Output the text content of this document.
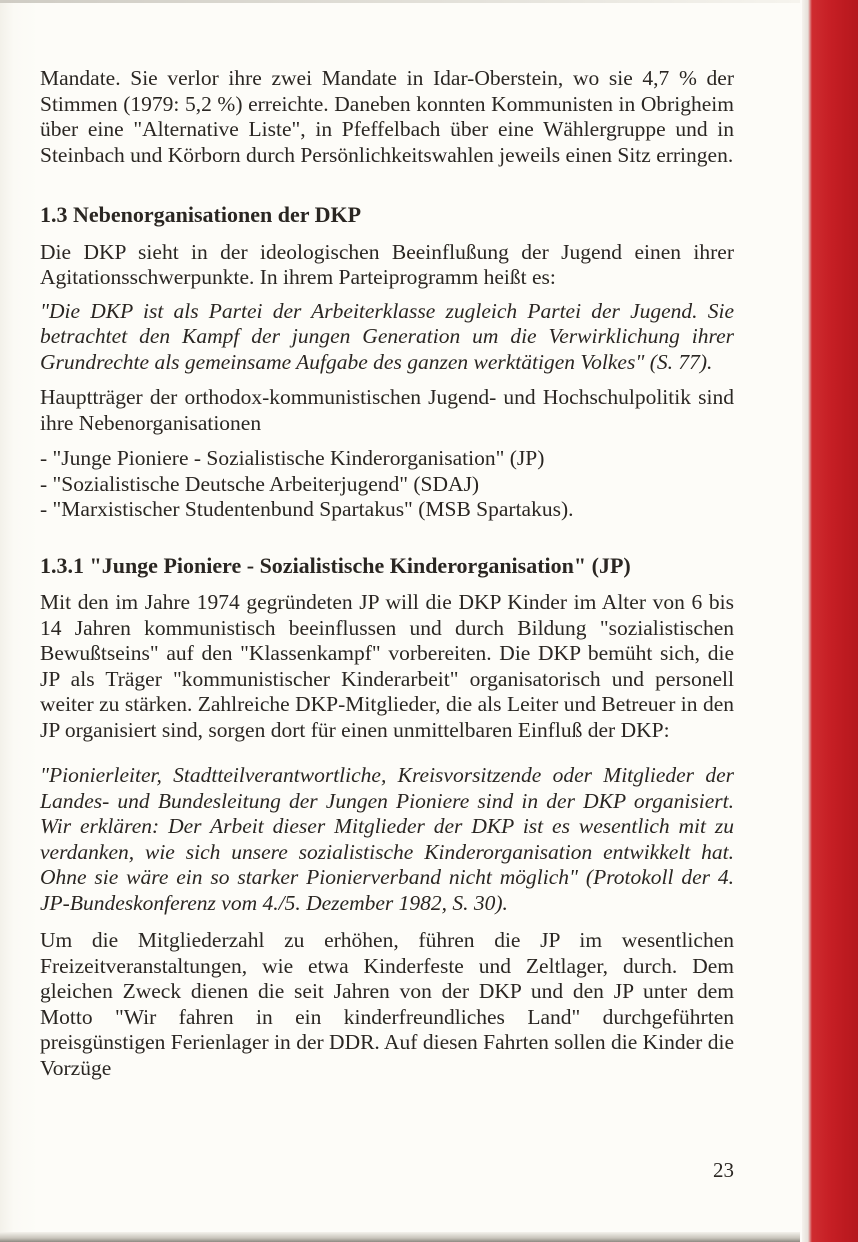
Mandate. Sie verlor ihre zwei Mandate in Idar-Oberstein, wo sie 4,7 % der Stimmen (1979: 5,2 %) erreichte. Daneben konnten Kommunisten in Obrigheim über eine "Alternative Liste", in Pfeffelbach über eine Wählergruppe und in Steinbach und Körborn durch Persönlichkeitswahlen jeweils einen Sitz erringen.

1.3 Nebenorganisationen der DKP

Die DKP sieht in der ideologischen Beeinflußung der Jugend einen ihrer Agitationsschwerpunkte. In ihrem Parteiprogramm heißt es:

"Die DKP ist als Partei der Arbeiterklasse zugleich Partei der Jugend. Sie betrachtet den Kampf der jungen Generation um die Verwirklichung ihrer Grundrechte als gemeinsame Aufgabe des ganzen werktätigen Volkes" (S. 77).

Hauptträger der orthodox-kommunistischen Jugend- und Hochschulpolitik sind ihre Nebenorganisationen

- "Junge Pioniere - Sozialistische Kinderorganisation" (JP)

- "Sozialistische Deutsche Arbeiterjugend" (SDAJ)

- "Marxistischer Studentenbund Spartakus" (MSB Spartakus).

1.3.1 "Junge Pioniere - Sozialistische Kinderorganisation" (JP)

Mit den im Jahre 1974 gegründeten JP will die DKP Kinder im Alter von 6 bis 14 Jahren kommunistisch beeinflussen und durch Bildung "sozialistischen Bewußtseins" auf den "Klassenkampf" vorbereiten. Die DKP bemüht sich, die JP als Träger "kommunistischer Kinderarbeit" organisatorisch und personell weiter zu stärken. Zahlreiche DKP-Mitglieder, die als Leiter und Betreuer in den JP organisiert sind, sorgen dort für einen unmittelbaren Einfluß der DKP:

"Pionierleiter, Stadtteilverantwortliche, Kreisvorsitzende oder Mitglieder der Landes- und Bundesleitung der Jungen Pioniere sind in der DKP organisiert. Wir erklären: Der Arbeit dieser Mitglieder der DKP ist es wesentlich mit zu verdanken, wie sich unsere sozialistische Kinderorganisation entwikkelt hat. Ohne sie wäre ein so starker Pionierverband nicht möglich" (Protokoll der 4. JP-Bundeskonferenz vom 4./5. Dezember 1982, S. 30).

Um die Mitgliederzahl zu erhöhen, führen die JP im wesentlichen Freizeitveranstaltungen, wie etwa Kinderfeste und Zeltlager, durch. Dem gleichen Zweck dienen die seit Jahren von der DKP und den JP unter dem Motto "Wir fahren in ein kinderfreundliches Land" durchgeführten preisgünstigen Ferienlager in der DDR. Auf diesen Fahrten sollen die Kinder die Vorzüge

23
